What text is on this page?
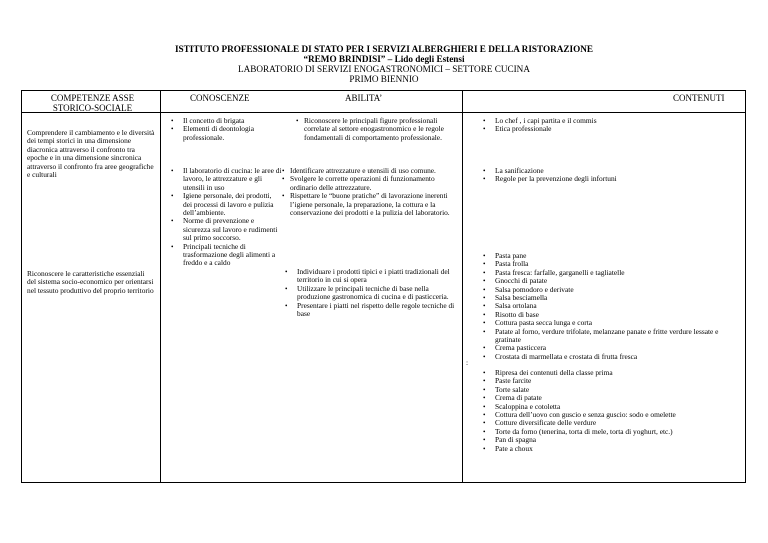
ISTITUTO PROFESSIONALE DI STATO PER I SERVIZI ALBERGHIERI E DELLA RISTORAZIONE
“REMO BRINDISI” – Lido degli Estensi
LABORATORIO DI SERVIZI ENOGASTRONOMICI – SETTORE CUCINA
PRIMO BIENNIO
COMPETENZE ASSE STORICO-SOCIALE
CONOSCENZE	ABILITA’	CONTENUTI
Comprendere il cambiamento e le diversità dei tempi storici in una dimensione diacronica attraverso il confronto tra epoche e in una dimensione sincronica attraverso il confronto fra aree geografiche e culturali
Riconoscere le caratteristiche essenziali del sistema socio-economico per orientarsi nel tessuto produttivo del proprio territorio
• Il concetto di brigata
• Elementi di deontologia professionale.
• Il laboratorio di cucina: le aree di lavoro, le attrezzature e gli utensili in uso
• Igiene personale, dei prodotti, dei processi di lavoro e pulizia dell’ambiente.
• Norme di prevenzione e sicurezza sul lavoro e rudimenti sul primo soccorso.
• Principali tecniche di trasformazione degli alimenti a freddo e a caldo
• Riconoscere le principali figure professionali correlate al settore enogastronomico e le regole fondamentali di comportamento professionale.
• Identificare attrezzature e utensili di uso comune.
• Svolgere le corrette operazioni di funzionamento ordinario delle attrezzature.
• Rispettare le “buone pratiche” di lavorazione inerenti l’igiene personale, la preparazione, la cottura e la conservazione dei prodotti e la pulizia del laboratorio.
• Individuare i prodotti tipici e i piatti tradizionali del territorio in cui si opera
• Utilizzare le principali tecniche di base nella produzione gastronomica di cucina e di pasticceria.
• Presentare i piatti nel rispetto delle regole tecniche di base
• Lo chef , i capi partita e il commis
• Etica professionale
• La sanificazione
• Regole per la prevenzione degli infortuni
• Pasta pane
• Pasta frolla
• Pasta fresca: farfalle, garganelli e tagliatelle
• Gnocchi di patate
• Salsa pomodoro e derivate
• Salsa besciamella
• Salsa ortolana
• Risotto di base
• Cottura pasta secca lunga e corta
• Patate al forno, verdure trifolate, melanzane panate e fritte verdure lessate e gratinate
• Crema pasticcera
• Crostata di marmellata e crostata di frutta fresca
:
• Ripresa dei contenuti della classe prima
• Paste farcite
• Torte salate
• Crema di patate
• Scaloppina e cotoletta
• Cottura dell’uovo con guscio e senza guscio: sodo e omelette
• Cotture diversificate delle verdure
• Torte da forno (tenerina, torta di mele, torta di yoghurt, etc.)
• Pan di spagna
• Pate a choux
